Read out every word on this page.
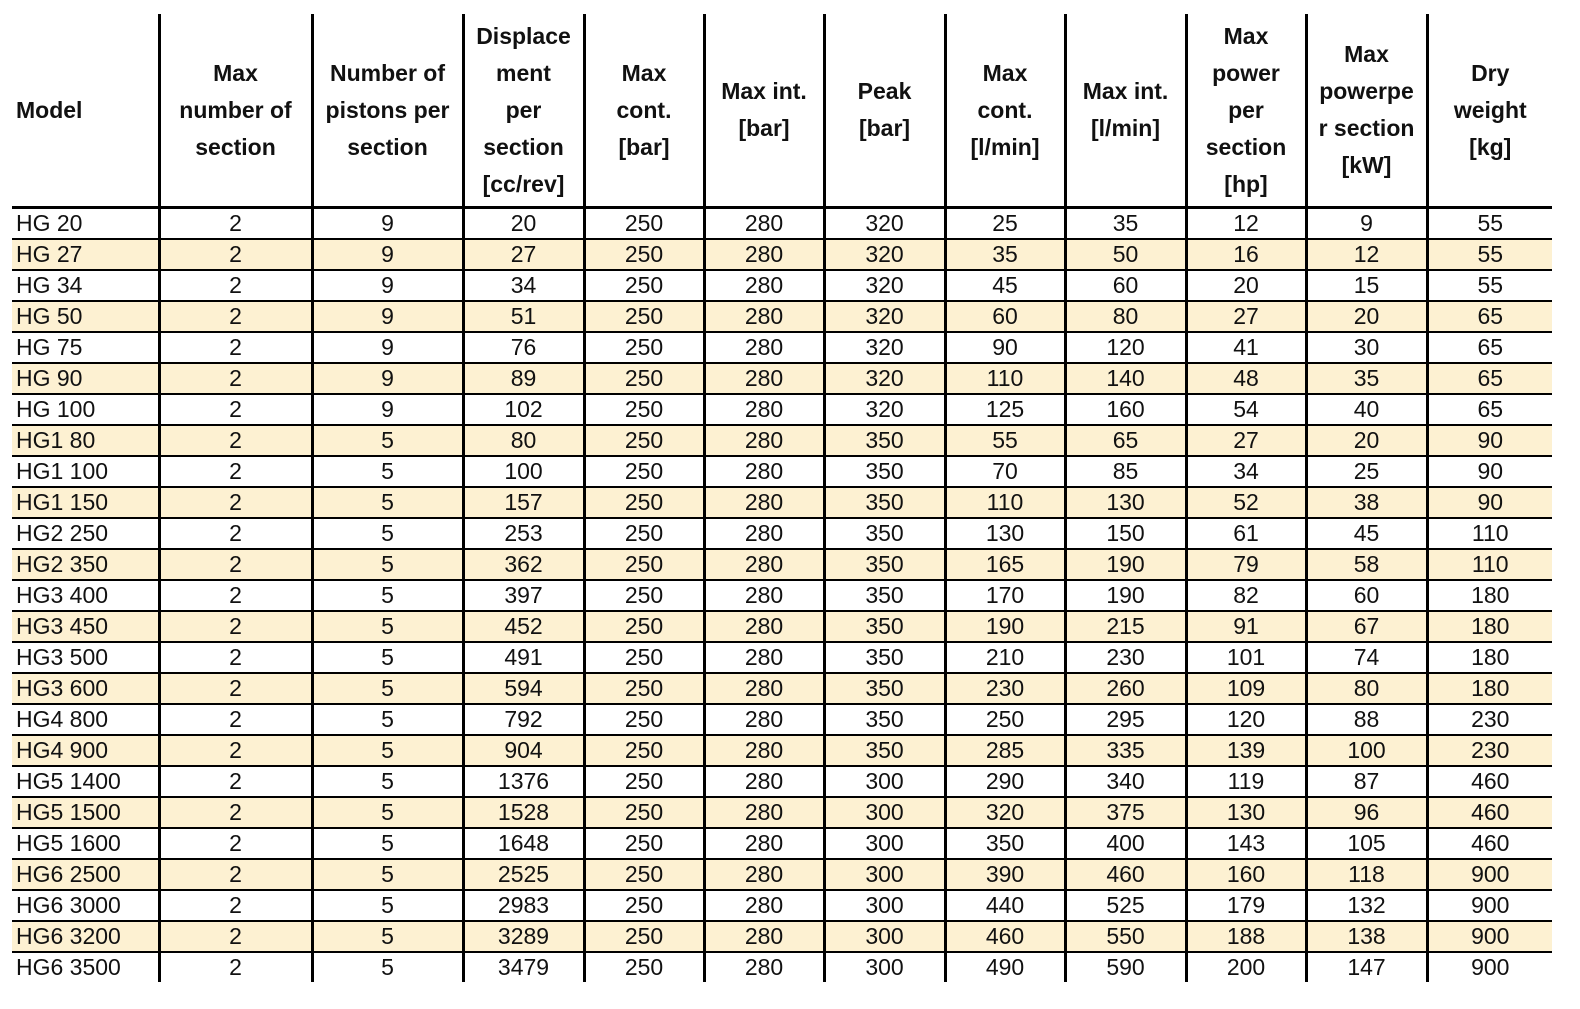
Model	Max
number of
section	Number of
pistons per
section	Displace
ment
per
section
[cc/rev]	Max
cont.
[bar]	Max int.
[bar]	Peak
[bar]	Max
cont.
[l/min]	Max int.
[l/min]	Max
power
per
section
[hp]	Max
powerpe
r section
[kW]	Dry
weight
[kg]
HG 20	2	9	20	250	280	320	25	35	12	9	55
HG 27	2	9	27	250	280	320	35	50	16	12	55
HG 34	2	9	34	250	280	320	45	60	20	15	55
HG 50	2	9	51	250	280	320	60	80	27	20	65
HG 75	2	9	76	250	280	320	90	120	41	30	65
HG 90	2	9	89	250	280	320	110	140	48	35	65
HG 100	2	9	102	250	280	320	125	160	54	40	65
HG1 80	2	5	80	250	280	350	55	65	27	20	90
HG1 100	2	5	100	250	280	350	70	85	34	25	90
HG1 150	2	5	157	250	280	350	110	130	52	38	90
HG2 250	2	5	253	250	280	350	130	150	61	45	110
HG2 350	2	5	362	250	280	350	165	190	79	58	110
HG3 400	2	5	397	250	280	350	170	190	82	60	180
HG3 450	2	5	452	250	280	350	190	215	91	67	180
HG3 500	2	5	491	250	280	350	210	230	101	74	180
HG3 600	2	5	594	250	280	350	230	260	109	80	180
HG4 800	2	5	792	250	280	350	250	295	120	88	230
HG4 900	2	5	904	250	280	350	285	335	139	100	230
HG5 1400	2	5	1376	250	280	300	290	340	119	87	460
HG5 1500	2	5	1528	250	280	300	320	375	130	96	460
HG5 1600	2	5	1648	250	280	300	350	400	143	105	460
HG6 2500	2	5	2525	250	280	300	390	460	160	118	900
HG6 3000	2	5	2983	250	280	300	440	525	179	132	900
HG6 3200	2	5	3289	250	280	300	460	550	188	138	900
HG6 3500	2	5	3479	250	280	300	490	590	200	147	900
